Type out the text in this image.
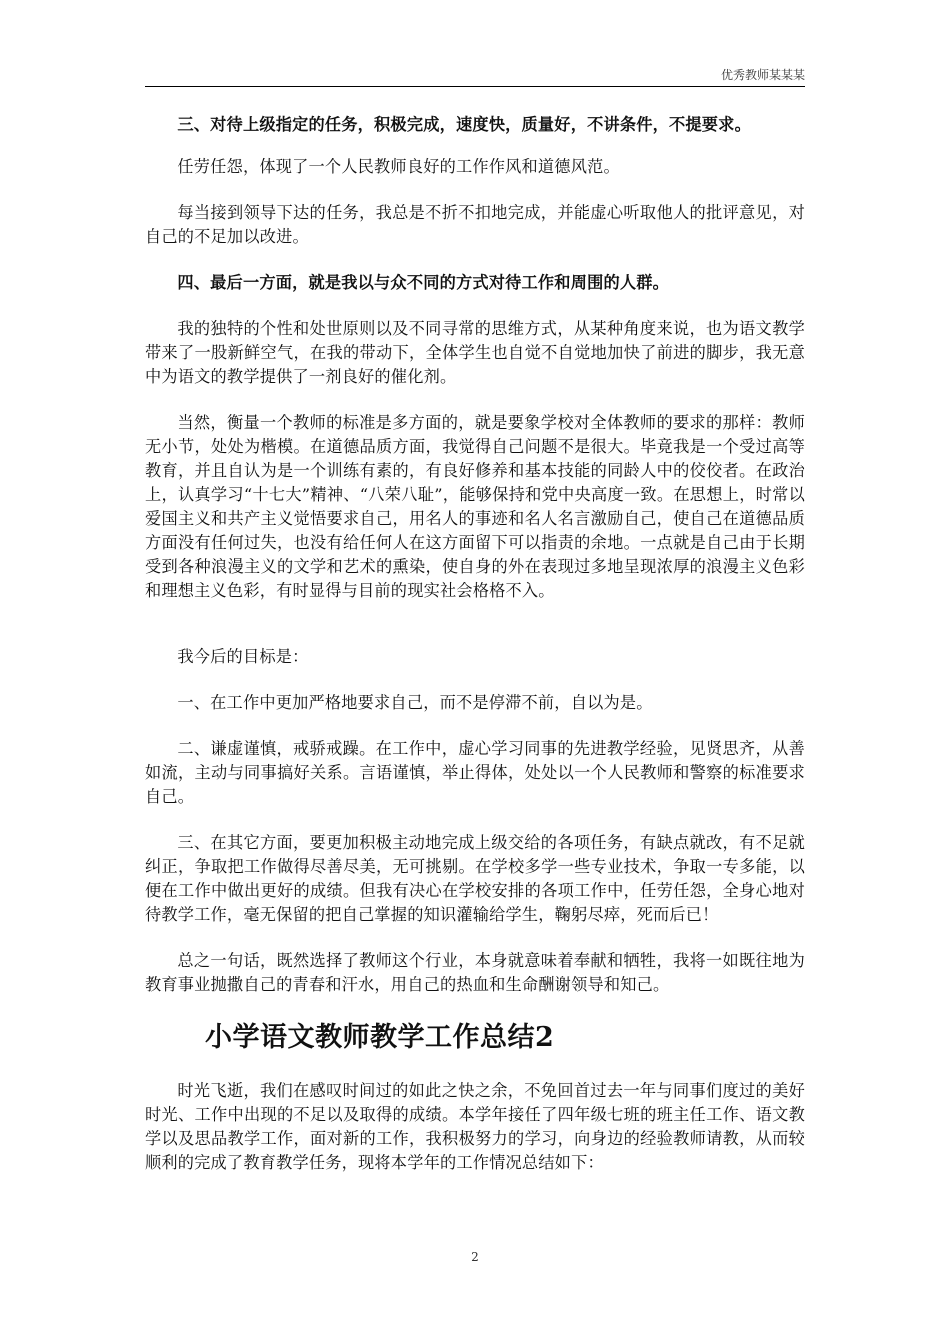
优秀教师某某某

三、对待上级指定的任务，积极完成，速度快，质量好，不讲条件，不提要求。

任劳任怨，体现了一个人民教师良好的工作作风和道德风范。

每当接到领导下达的任务，我总是不折不扣地完成，并能虚心听取他人的批评意见，对自己的不足加以改进。

四、最后一方面，就是我以与众不同的方式对待工作和周围的人群。

我的独特的个性和处世原则以及不同寻常的思维方式，从某种角度来说，也为语文教学带来了一股新鲜空气，在我的带动下，全体学生也自觉不自觉地加快了前进的脚步，我无意中为语文的教学提供了一剂良好的催化剂。

当然，衡量一个教师的标准是多方面的，就是要象学校对全体教师的要求的那样：教师无小节，处处为楷模。在道德品质方面，我觉得自己问题不是很大。毕竟我是一个受过高等教育，并且自认为是一个训练有素的，有良好修养和基本技能的同龄人中的佼佼者。在政治上，认真学习“十七大”精神、“八荣八耻”，能够保持和党中央高度一致。在思想上，时常以爱国主义和共产主义觉悟要求自己，用名人的事迹和名人名言激励自己，使自己在道德品质方面没有任何过失，也没有给任何人在这方面留下可以指责的余地。一点就是自己由于长期受到各种浪漫主义的文学和艺术的熏染，使自身的外在表现过多地呈现浓厚的浪漫主义色彩和理想主义色彩，有时显得与目前的现实社会格格不入。

我今后的目标是：

一、在工作中更加严格地要求自己，而不是停滞不前，自以为是。

二、谦虚谨慎，戒骄戒躁。在工作中，虚心学习同事的先进教学经验，见贤思齐，从善如流，主动与同事搞好关系。言语谨慎，举止得体，处处以一个人民教师和警察的标准要求自己。

三、在其它方面，要更加积极主动地完成上级交给的各项任务，有缺点就改，有不足就纠正，争取把工作做得尽善尽美，无可挑剔。在学校多学一些专业技术，争取一专多能，以便在工作中做出更好的成绩。但我有决心在学校安排的各项工作中，任劳任怨，全身心地对待教学工作，毫无保留的把自己掌握的知识灌输给学生，鞠躬尽瘁，死而后已！

总之一句话，既然选择了教师这个行业，本身就意味着奉献和牺牲，我将一如既往地为教育事业抛撒自己的青春和汗水，用自己的热血和生命酬谢领导和知己。

小学语文教师教学工作总结2

时光飞逝，我们在感叹时间过的如此之快之余，不免回首过去一年与同事们度过的美好时光、工作中出现的不足以及取得的成绩。本学年接任了四年级七班的班主任工作、语文教学以及思品教学工作，面对新的工作，我积极努力的学习，向身边的经验教师请教，从而较顺利的完成了教育教学任务，现将本学年的工作情况总结如下：

2
